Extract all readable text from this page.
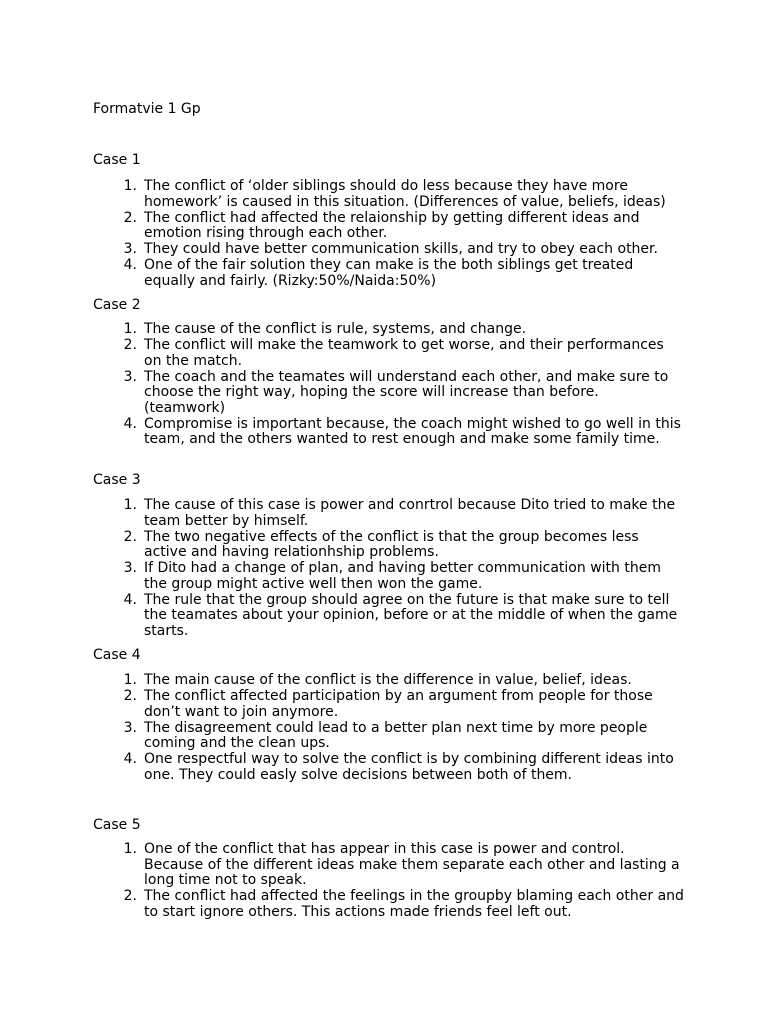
Formatvie 1 Gp

Case 1

The conflict of ‘older siblings should do less because they have more homework’ is caused in this situation. (Differences of value, beliefs, ideas)
The conflict had affected the relaionship by getting different ideas and emotion rising through each other.
They could have better communication skills, and try to obey each other.
One of the fair solution they can make is the both siblings get treated equally and fairly. (Rizky:50%/Naida:50%)

Case 2

The cause of the conflict is rule, systems, and change.
The conflict will make the teamwork to get worse, and their performances on the match.
The coach and the teamates will understand each other, and make sure to choose the right way, hoping the score will increase than before. (teamwork)
Compromise is important because, the coach might wished to go well in this team, and the others wanted to rest enough and make some family time.

Case 3

The cause of this case is power and conrtrol because Dito tried to make the team better by himself.
The two negative effects of the conflict is that the group becomes less active and having relationhship problems.
If Dito had a change of plan, and having better communication with them the group might active well then won the game.
The rule that the group should agree on the future is that make sure to tell the teamates about your opinion, before or at the middle of when the game starts.

Case 4

The main cause of the conflict is the difference in value, belief, ideas.
The conflict affected participation by an argument from people for those don’t want to join anymore.
The disagreement could lead to a better plan next time by more people coming and the clean ups.
One respectful way to solve the conflict is by combining different ideas into one. They could easly solve decisions between both of them.

Case 5

One of the conflict that has appear in this case is power and control. Because of the different ideas make them separate each other and lasting a long time not to speak.
The conflict had affected the feelings in the groupby blaming each other and to start ignore others. This actions made friends feel left out.
